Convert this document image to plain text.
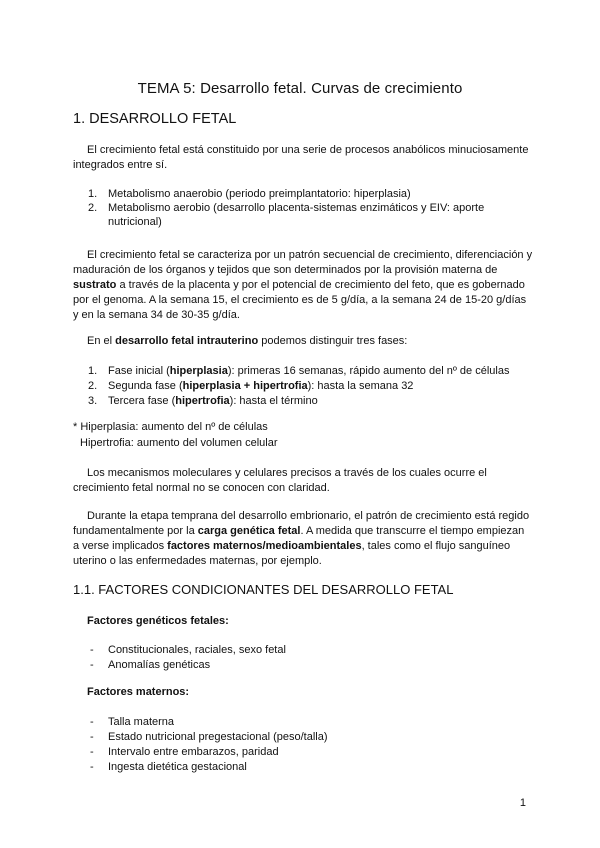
TEMA 5: Desarrollo fetal. Curvas de crecimiento
1. DESARROLLO FETAL

El crecimiento fetal está constituido por una serie de procesos anabólicos minuciosamente integrados entre sí.

1. Metabolismo anaerobio (periodo preimplantatorio: hiperplasia)
2. Metabolismo aerobio (desarrollo placenta-sistemas enzimáticos y EIV: aporte nutricional)

El crecimiento fetal se caracteriza por un patrón secuencial de crecimiento, diferenciación y maduración de los órganos y tejidos que son determinados por la provisión materna de sustrato a través de la placenta y por el potencial de crecimiento del feto, que es gobernado por el genoma. A la semana 15, el crecimiento es de 5 g/día, a la semana 24 de 15-20 g/días y en la semana 34 de 30-35 g/día.

En el desarrollo fetal intrauterino podemos distinguir tres fases:

1. Fase inicial (hiperplasia): primeras 16 semanas, rápido aumento del nº de células
2. Segunda fase (hiperplasia + hipertrofia): hasta la semana 32
3. Tercera fase (hipertrofia): hasta el término

* Hiperplasia: aumento del nº de células

Hipertrofia: aumento del volumen celular

Los mecanismos moleculares y celulares precisos a través de los cuales ocurre el crecimiento fetal normal no se conocen con claridad.

Durante la etapa temprana del desarrollo embrionario, el patrón de crecimiento está regido fundamentalmente por la carga genética fetal. A medida que transcurre el tiempo empiezan a verse implicados factores maternos/medioambientales, tales como el flujo sanguíneo uterino o las enfermedades maternas, por ejemplo.

1.1. FACTORES CONDICIONANTES DEL DESARROLLO FETAL

Factores genéticos fetales:

- Constitucionales, raciales, sexo fetal
- Anomalías genéticas

Factores maternos:

- Talla materna
- Estado nutricional pregestacional (peso/talla)
- Intervalo entre embarazos, paridad
- Ingesta dietética gestacional
1
